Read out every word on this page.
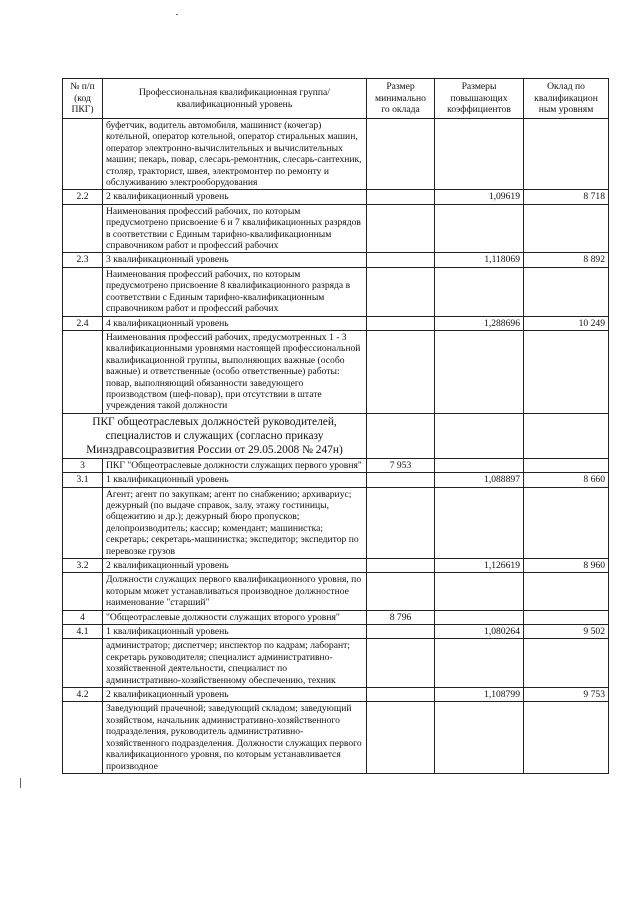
№ п/п (код ПКГ)	Профессиональная квалификационная группа/квалификационный уровень	Размер минимально го оклада	Размеры повышающих коэффициентов	Оклад по квалификацион ным уровням
	буфетчик, водитель автомобиля, машинист (кочегар) котельной, оператор котельной, оператор стиральных машин, оператор электронно-вычислительных и вычислительных машин; пекарь, повар, слесарь-ремонтник, слесарь-сантехник, столяр, тракторист, швея, электромонтер по ремонту и обслуживанию электрооборудования			
2.2	2 квалификационный уровень		1,09619	8 718
	Наименования профессий рабочих, по которым предусмотрено присвоение 6 и 7 квалификационных разрядов в соответствии с Единым тарифно-квалификационным справочником работ и профессий рабочих			
2.3	3 квалификационный уровень		1,118069	8 892
	Наименования профессий рабочих, по которым предусмотрено присвоение 8 квалификационного разряда в соответствии с Единым тарифно-квалификационным справочником работ и профессий рабочих			
2.4	4 квалификационный уровень		1,288696	10 249
	Наименования профессий рабочих, предусмотренных 1 - 3 квалификационными уровнями настоящей профессиональной квалификационной группы, выполняющих важные (особо важные) и ответственные (особо ответственные) работы: повар, выполняющий обязанности заведующего производством (шеф-повар), при отсутствии в штате учреждения такой должности			
ПКГ общеотраслевых должностей руководителей, специалистов и служащих (согласно приказу Минздравсоцразвития России от 29.05.2008 № 247н)				
3	ПКГ "Общеотраслевые должности служащих первого уровня"	7 953		
3.1	1 квалификационный уровень		1,088897	8 660
	Агент; агент по закупкам; агент по снабжению; архивариус; дежурный (по выдаче справок, залу, этажу гостиницы, общежитию и др.); дежурный бюро пропусков; делопроизводитель; кассир; комендант; машинистка; секретарь; секретарь-машинистка; экспедитор; экспедитор по перевозке грузов			
3.2	2 квалификационный уровень		1,126619	8 960
	Должности служащих первого квалификационного уровня, по которым может устанавливаться производное должностное наименование "старший"			
4	"Общеотраслевые должности служащих второго уровня"	8 796		
4.1	1 квалификационный уровень		1,080264	9 502
	администратор; диспетчер; инспектор по кадрам; лаборант; секретарь руководителя; специалист административно-хозяйственной деятельности, специалист по административно-хозяйственному обеспечению, техник			
4.2	2 квалификационный уровень		1,108799	9 753
	Заведующий прачечной; заведующий складом; заведующий хозяйством, начальник административно-хозяйственного подразделения, руководитель административно-хозяйственного подразделения. Должности служащих первого квалификационного уровня, по которым устанавливается производное			
